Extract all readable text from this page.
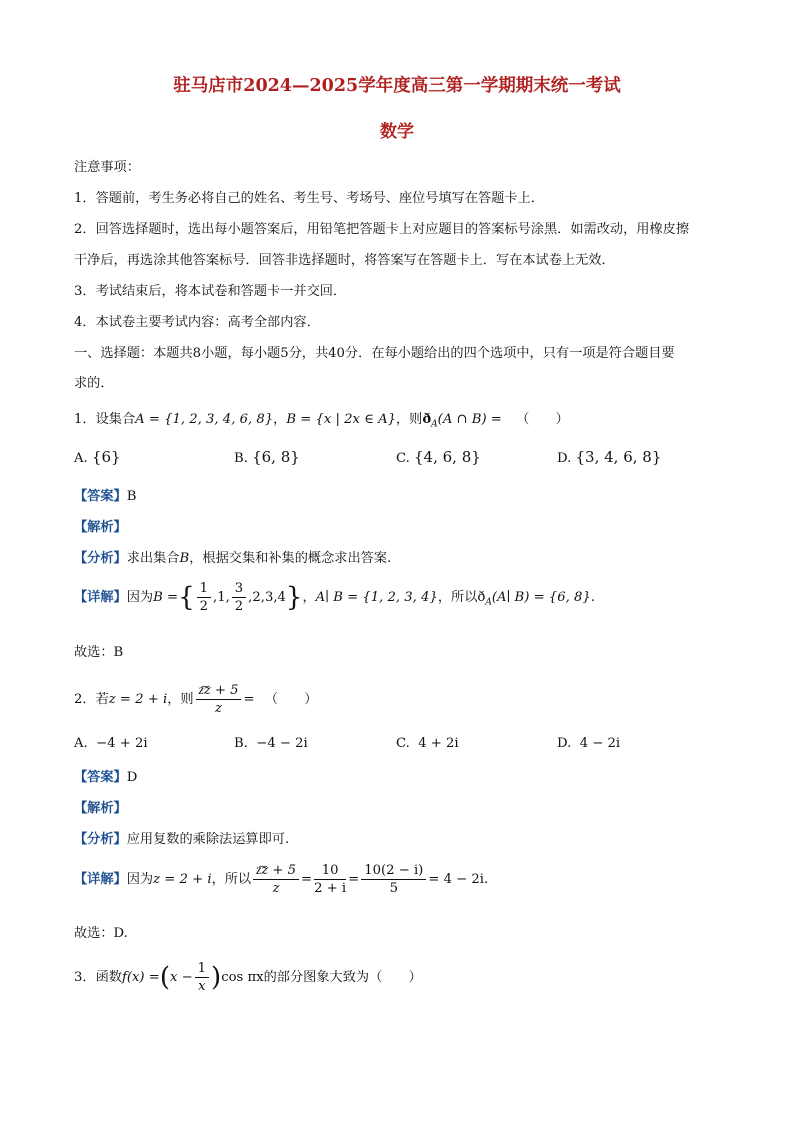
驻马店市2024—2025学年度高三第一学期期末统一考试
数学
注意事项：
1．答题前，考生务必将自己的姓名、考生号、考场号、座位号填写在答题卡上．
2．回答选择题时，选出每小题答案后，用铅笔把答题卡上对应题目的答案标号涂黑．如需改动，用橡皮擦
干净后，再选涂其他答案标号．回答非选择题时，将答案写在答题卡上．写在本试卷上无效．
3．考试结束后，将本试卷和答题卡一并交回．
4．本试卷主要考试内容：高考全部内容．
一、选择题：本题共8小题，每小题5分，共40分．在每小题给出的四个选项中，只有一项是符合题目要
求的．
1．设集合A = {1, 2, 3, 4, 6, 8}，B = {x | 2x ∈ A}，则$ð_A(A$ ∩ B) = （　　）
A. {6}	B. {6, 8}	C. {4, 6, 8}	D. {3, 4, 6, 8}
【答案】B
【解析】
【分析】求出集合B，根据交集和补集的概念求出答案.
【详解】因为B ={ $\frac{1}{2} ,1$, $\frac{3}{2} ,2,3,4$}，A∣ B = {1, 2, 3, 4}，所以$ð_A(A∣$ B) = {6, 8}.
故选：B
2．若z = 2 + i，则 $\frac{z͞z + 5}{z}$ = （　　）
A. −4 + 2i	B. −4 − 2i	C. 4 + 2i	D. 4 − 2i
【答案】D
【解析】
【分析】应用复数的乘除法运算即可.
【详解】因为z = 2 + i，所以 $\frac{z͞z + 5}{z} = \frac{10}{2 + i} = \frac{10(2 - i)}{5} = 4 - 2i$.
故选：D.
3．函数$f(x) =(x - \frac{1}{x} )\cos$ πx的部分图象大致为（　　）
